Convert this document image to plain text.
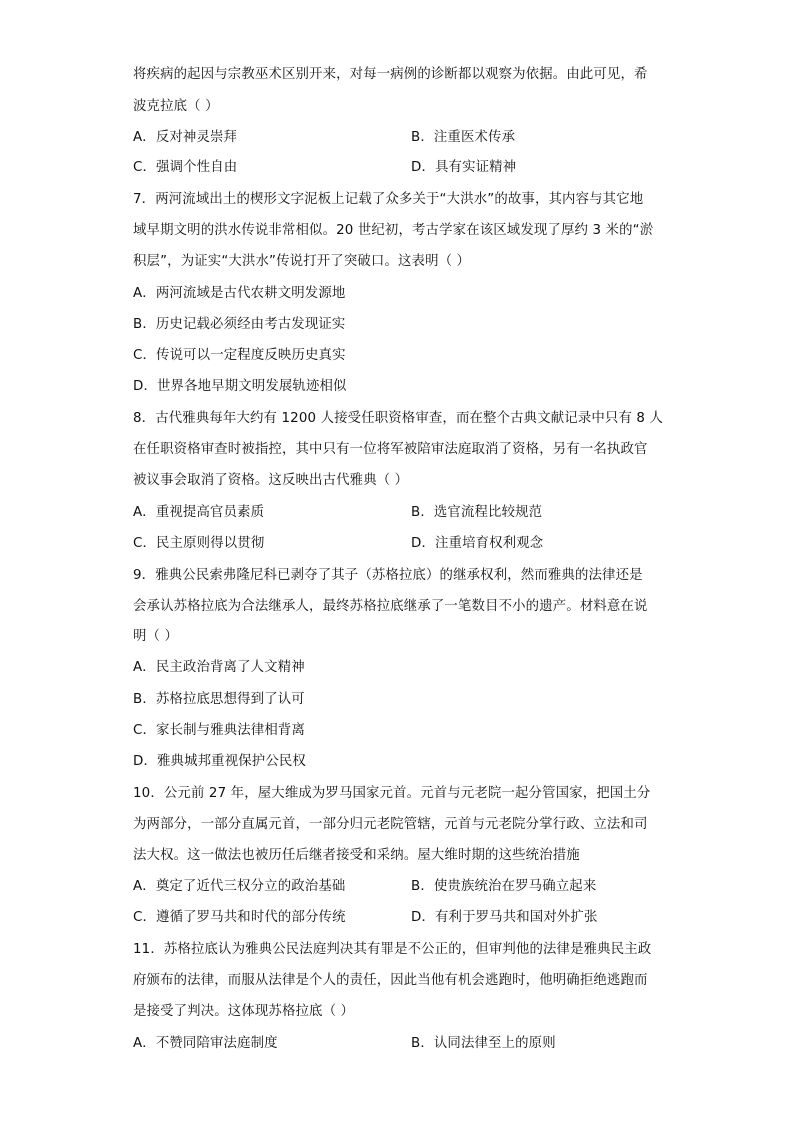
将疾病的起因与宗教巫术区别开来，对每一病例的诊断都以观察为依据。由此可见，希
波克拉底（ ）
A．反对神灵崇拜	B．注重医术传承
C．强调个性自由	D．具有实证精神
7．两河流域出土的楔形文字泥板上记载了众多关于“大洪水”的故事，其内容与其它地
域早期文明的洪水传说非常相似。20 世纪初，考古学家在该区域发现了厚约 3 米的“淤
积层”，为证实“大洪水”传说打开了突破口。这表明（ ）
A．两河流域是古代农耕文明发源地
B．历史记载必须经由考古发现证实
C．传说可以一定程度反映历史真实
D．世界各地早期文明发展轨迹相似
8．古代雅典每年大约有 1200 人接受任职资格审查，而在整个古典文献记录中只有 8 人
在任职资格审查时被指控，其中只有一位将军被陪审法庭取消了资格，另有一名执政官
被议事会取消了资格。这反映出古代雅典（ ）
A．重视提高官员素质	B．选官流程比较规范
C．民主原则得以贯彻	D．注重培育权利观念
9．雅典公民索弗隆尼科已剥夺了其子（苏格拉底）的继承权利，然而雅典的法律还是
会承认苏格拉底为合法继承人，最终苏格拉底继承了一笔数目不小的遗产。材料意在说
明（ ）
A．民主政治背离了人文精神
B．苏格拉底思想得到了认可
C．家长制与雅典法律相背离
D．雅典城邦重视保护公民权
10．公元前 27 年，屋大维成为罗马国家元首。元首与元老院一起分管国家，把国土分
为两部分，一部分直属元首，一部分归元老院管辖，元首与元老院分掌行政、立法和司
法大权。这一做法也被历任后继者接受和采纳。屋大维时期的这些统治措施
A．奠定了近代三权分立的政治基础	B．使贵族统治在罗马确立起来
C．遵循了罗马共和时代的部分传统	D．有利于罗马共和国对外扩张
11．苏格拉底认为雅典公民法庭判决其有罪是不公正的，但审判他的法律是雅典民主政
府颁布的法律，而服从法律是个人的责任，因此当他有机会逃跑时，他明确拒绝逃跑而
是接受了判决。这体现苏格拉底（ ）
A．不赞同陪审法庭制度	B．认同法律至上的原则
